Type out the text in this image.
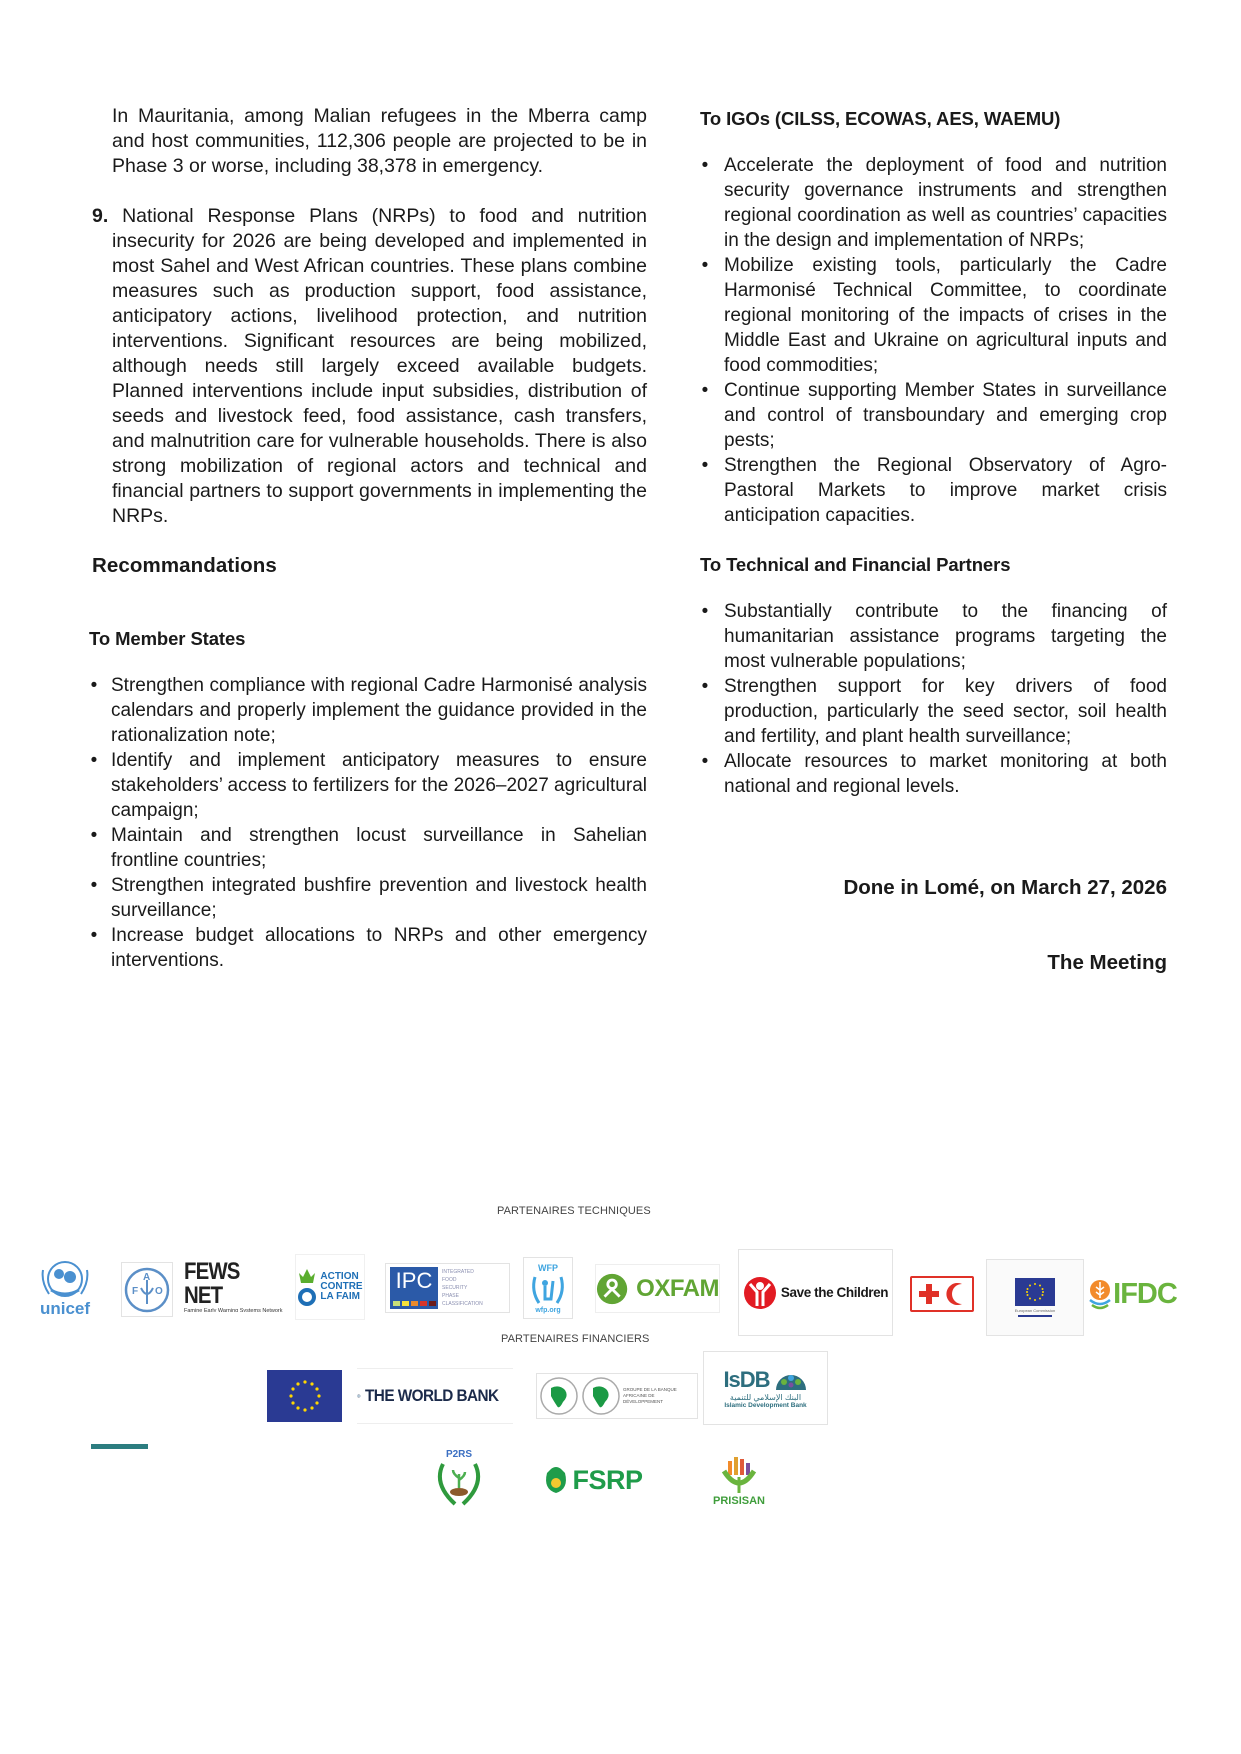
In Mauritania, among Malian refugees in the Mberra camp and host communities, 112,306 people are projected to be in Phase 3 or worse, including 38,378 in emergency.

9. National Response Plans (NRPs) to food and nutrition insecurity for 2026 are being developed and implemented in most Sahel and West African countries. These plans combine measures such as production support, food assistance, anticipatory actions, livelihood protection, and nutrition interventions. Significant resources are being mobilized, although needs still largely exceed available budgets. Planned interventions include input subsidies, distribution of seeds and livestock feed, food assistance, cash transfers, and malnutrition care for vulnerable households. There is also strong mobilization of regional actors and technical and financial partners to support governments in implementing the NRPs.

Recommandations
To Member States
• Strengthen compliance with regional Cadre Harmonisé analysis calendars and properly implement the guidance provided in the rationalization note;
• Identify and implement anticipatory measures to ensure stakeholders’ access to fertilizers for the 2026–2027 agricultural campaign;
• Maintain and strengthen locust surveillance in Sahelian frontline countries;
• Strengthen integrated bushfire prevention and livestock health surveillance;
• Increase budget allocations to NRPs and other emergency interventions.
To IGOs (CILSS, ECOWAS, AES, WAEMU)
• Accelerate the deployment of food and nutrition security governance instruments and strengthen regional coordination as well as countries’ capacities in the design and implementation of NRPs;
• Mobilize existing tools, particularly the Cadre Harmonisé Technical Committee, to coordinate regional monitoring of the impacts of crises in the Middle East and Ukraine on agricultural inputs and food commodities;
• Continue supporting Member States in surveillance and control of transboundary and emerging crop pests;
• Strengthen the Regional Observatory of Agro-Pastoral Markets to improve market crisis anticipation capacities.
To Technical and Financial Partners
• Substantially contribute to the financing of humanitarian assistance programs targeting the most vulnerable populations;
• Strengthen support for key drivers of food production, particularly the seed sector, soil health and fertility, and plant health surveillance;
• Allocate resources to market monitoring at both national and regional levels.
Done in Lomé, on March 27, 2026
The Meeting
PARTENAIRES TECHNIQUES
unicef
F
A
O
FEWS NET
Famine Early Warning Systems Network
ACTION
CONTRE
LA FAIM
IPC INTEGRATED
FOOD
SECURITY
PHASE
CLASSIFICATION
WFP
wfp.org
OXFAM	Save the Children
European Commission
IFDC
PARTENAIRES FINANCIERS
THE WORLD BANK	GROUPE DE LA BANQUE AFRICAINE DE DÉVELOPPEMENT
IsDB
البنك الإسلامي للتنمية
Islamic Development Bank
P2RS
FSRP
PRISISAN
